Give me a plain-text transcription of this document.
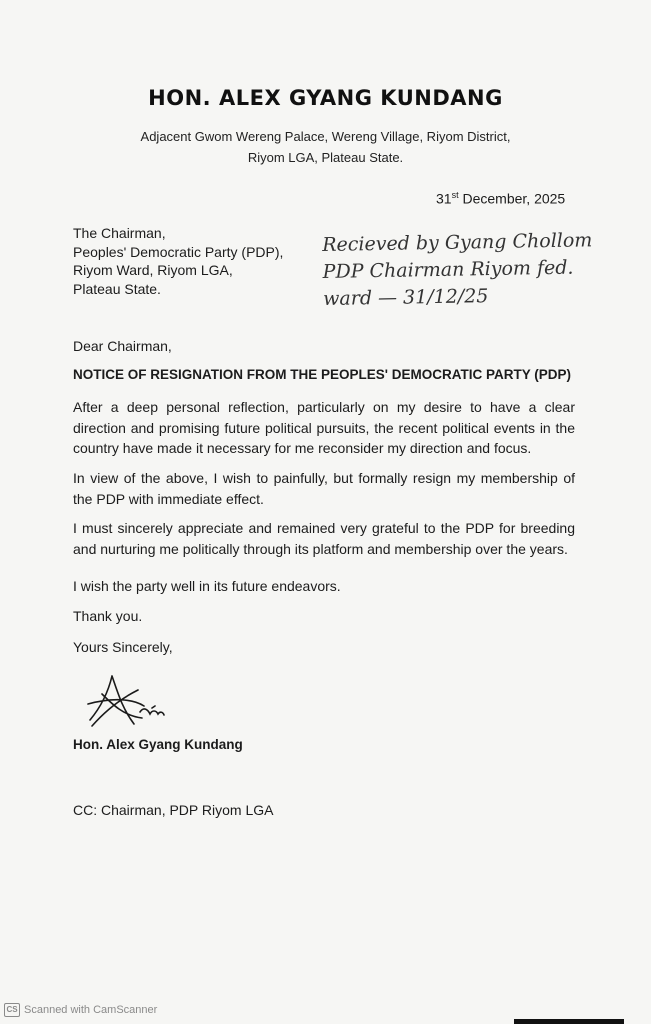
HON. ALEX GYANG KUNDANG
Adjacent Gwom Wereng Palace, Wereng Village, Riyom District,
Riyom LGA, Plateau State.
31st December, 2025
The Chairman,
Peoples' Democratic Party (PDP),
Riyom Ward, Riyom LGA,
Plateau State.
Recieved by Gyang Chollom
PDP Chairman Riyom fed.
ward — 31/12/25
Dear Chairman,
NOTICE OF RESIGNATION FROM THE PEOPLES' DEMOCRATIC PARTY (PDP)
After a deep personal reflection, particularly on my desire to have a clear direction and promising future political pursuits, the recent political events in the country have made it necessary for me reconsider my direction and focus.
In view of the above, I wish to painfully, but formally resign my membership of the PDP with immediate effect.
I must sincerely appreciate and remained very grateful to the PDP for breeding and nurturing me politically through its platform and membership over the years.
I wish the party well in its future endeavors.
Thank you.
Yours Sincerely,
Hon. Alex Gyang Kundang
CC: Chairman, PDP Riyom LGA
CS Scanned with CamScanner
